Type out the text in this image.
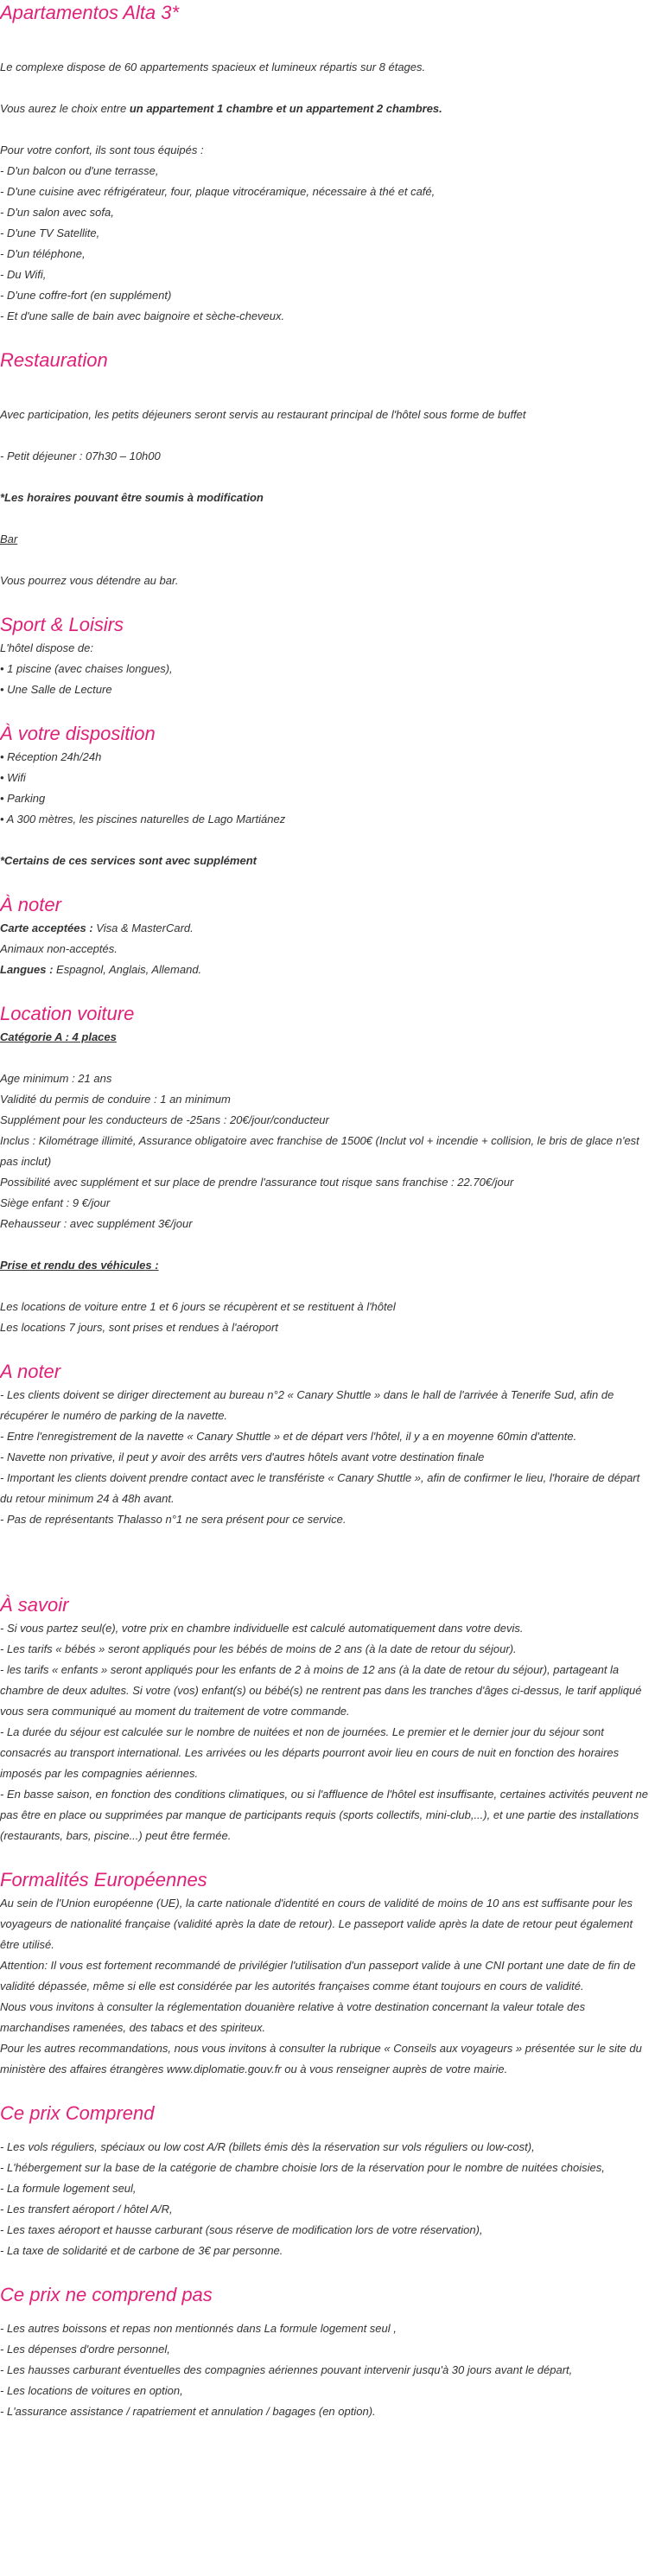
Apartamentos Alta 3*

Le complexe dispose de 60 appartements spacieux et lumineux répartis sur 8 étages.

Vous aurez le choix entre un appartement 1 chambre et un appartement 2 chambres.

Pour votre confort, ils sont tous équipés :

- D'un balcon ou d'une terrasse,

- D'une cuisine avec réfrigérateur, four, plaque vitrocéramique, nécessaire à thé et café,

- D'un salon avec sofa,

- D'une TV Satellite,

- D'un téléphone,

- Du Wifi,

- D'une coffre-fort (en supplément)

- Et d'une salle de bain avec baignoire et sèche-cheveux.

Restauration

Avec participation, les petits déjeuners seront servis au restaurant principal de l'hôtel sous forme de buffet

- Petit déjeuner : 07h30 – 10h00

*Les horaires pouvant être soumis à modification

Bar

Vous pourrez vous détendre au bar.

Sport & Loisirs

L'hôtel dispose de:

• 1 piscine (avec chaises longues),

• Une Salle de Lecture

À votre disposition

• Réception 24h/24h

• Wifi

• Parking

• A 300 mètres, les piscines naturelles de Lago Martiánez

*Certains de ces services sont avec supplément

À noter

Carte acceptées : Visa & MasterCard.

Animaux non-acceptés.

Langues : Espagnol, Anglais, Allemand.

Location voiture

Catégorie A : 4 places

Age minimum : 21 ans

Validité du permis de conduire : 1 an minimum

Supplément pour les conducteurs de -25ans : 20€/jour/conducteur

Inclus : Kilométrage illimité, Assurance obligatoire avec franchise de 1500€ (Inclut vol + incendie + collision, le bris de glace n'est pas inclut)

Possibilité avec supplément et sur place de prendre l'assurance tout risque sans franchise : 22.70€/jour

Siège enfant : 9 €/jour

Rehausseur : avec supplément 3€/jour

Prise et rendu des véhicules :

Les locations de voiture entre 1 et 6 jours se récupèrent et se restituent à l'hôtel

Les locations 7 jours, sont prises et rendues à l'aéroport

A noter

- Les clients doivent se diriger directement au bureau n°2 « Canary Shuttle » dans le hall de l'arrivée à Tenerife Sud, afin de récupérer le numéro de parking de la navette.

- Entre l'enregistrement de la navette « Canary Shuttle » et de départ vers l'hôtel, il y a en moyenne 60min d'attente.

- Navette non privative, il peut y avoir des arrêts vers d'autres hôtels avant votre destination finale

- Important les clients doivent prendre contact avec le transfériste « Canary Shuttle », afin de confirmer le lieu, l'horaire de départ du retour minimum 24 à 48h avant.

- Pas de représentants Thalasso n°1 ne sera présent pour ce service.

À savoir

- Si vous partez seul(e), votre prix en chambre individuelle est calculé automatiquement dans votre devis.

- Les tarifs « bébés » seront appliqués pour les bébés de moins de 2 ans (à la date de retour du séjour).

- les tarifs « enfants » seront appliqués pour les enfants de 2 à moins de 12 ans (à la date de retour du séjour), partageant la chambre de deux adultes. Si votre (vos) enfant(s) ou bébé(s) ne rentrent pas dans les tranches d'âges ci-dessus, le tarif appliqué vous sera communiqué au moment du traitement de votre commande.

- La durée du séjour est calculée sur le nombre de nuitées et non de journées. Le premier et le dernier jour du séjour sont consacrés au transport international. Les arrivées ou les départs pourront avoir lieu en cours de nuit en fonction des horaires imposés par les compagnies aériennes.

- En basse saison, en fonction des conditions climatiques, ou si l'affluence de l'hôtel est insuffisante, certaines activités peuvent ne pas être en place ou supprimées par manque de participants requis (sports collectifs, mini-club,...), et une partie des installations (restaurants, bars, piscine...) peut être fermée.

Formalités Européennes

Au sein de l'Union européenne (UE), la carte nationale d'identité en cours de validité de moins de 10 ans est suffisante pour les voyageurs de nationalité française (validité après la date de retour). Le passeport valide après la date de retour peut également être utilisé.

Attention: Il vous est fortement recommandé de privilégier l'utilisation d'un passeport valide à une CNI portant une date de fin de validité dépassée, même si elle est considérée par les autorités françaises comme étant toujours en cours de validité.

Nous vous invitons à consulter la réglementation douanière relative à votre destination concernant la valeur totale des marchandises ramenées, des tabacs et des spiriteux.

Pour les autres recommandations, nous vous invitons à consulter la rubrique « Conseils aux voyageurs » présentée sur le site du ministère des affaires étrangères www.diplomatie.gouv.fr ou à vous renseigner auprès de votre mairie.

Ce prix Comprend

- Les vols réguliers, spéciaux ou low cost A/R (billets émis dès la réservation sur vols réguliers ou low-cost),

- L'hébergement sur la base de la catégorie de chambre choisie lors de la réservation pour le nombre de nuitées choisies,

- La formule logement seul,

- Les transfert aéroport / hôtel A/R,

- Les taxes aéroport et hausse carburant (sous réserve de modification lors de votre réservation),

- La taxe de solidarité et de carbone de 3€ par personne.

Ce prix ne comprend pas

- Les autres boissons et repas non mentionnés dans La formule logement seul ,

- Les dépenses d'ordre personnel,

- Les hausses carburant éventuelles des compagnies aériennes pouvant intervenir jusqu'à 30 jours avant le départ,

- Les locations de voitures en option,

- L'assurance assistance / rapatriement et annulation / bagages (en option).
